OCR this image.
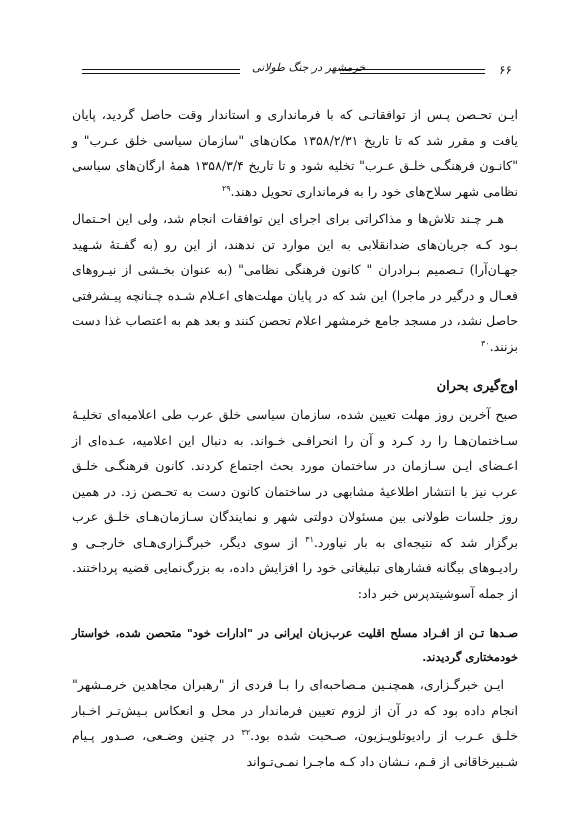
خرمشهر در جنگ طولانی	۶۶

ایـن تحـصن پـس از توافقاتـی که با فرمانداری و استاندار وقت حاصل گردید، پایان یافت و مقرر شد که تا تاریخ ۱۳۵۸/۲/۳۱ مکان‌های "سازمان سیاسی خلق عـرب" و "کانـون فرهنگـی خلـق عـرب" تخلیه شود و تا تاریخ ۱۳۵۸/۳/۴ همهٔ ارگان‌های سیاسی نظامی شهر سلاح‌های خود را به فرمانداری تحویل دهند.$^{۲۹}$

هـر چـند تلاش‌ها و مذاکراتی برای اجرای این توافقات انجام شد، ولی این احـتمال بـود کـه جریان‌های ضدانقلابی به این موارد تن ندهند، از این رو (به گفـتهٔ شـهید جهـان‌آرا) تـصمیم بـرادران " کانون فرهنگی نظامی" (به عنوان بخـشی از نیـروهای فعـال و درگیر در ماجرا) این شد که در پایان مهلت‌های اعـلام شـده چـنانچه پیـشرفتی حاصل نشد، در مسجد جامع خرمشهر اعلام تحصن کنند و بعد هم به اعتصاب غذا دست بزنند.$^{۳۰}$

اوج‌گیری بحران

صبح آخرین روز مهلت تعیین شده، سازمان سیاسی خلق عرب طی اعلامیه‌ای تخلیـهٔ سـاختمان‌هـا را رد کـرد و آن را انحرافـی خـواند. به دنبال این اعلامیه، عـده‌ای از اعـضای ایـن سـازمان در ساختمان مورد بحث اجتماع کردند. کانون فرهنگـی خلـق عرب نیز با انتشار اطلاعیهٔ مشابهی در ساختمان کانون دست به تحـصن زد. در همین روز جلسات طولانی بین مسئولان دولتی شهر و نمایندگان سـازمان‌هـای خلـق عرب برگزار شد که نتیجه‌ای به بار نیاورد.$^{۳۱}$ از سوی دیگر، خبرگـزاری‌هـای خارجـی و رادیـوهای بیگانه فشارهای تبلیغاتی خود را افزایش داده، به بزرگ‌نمایی قضیه پرداختند. از جمله آسوشیتدپرس خبر داد:

صـدها تـن از افـراد مسلح اقلیت عرب‌زبان ایرانی در "ادارات خود" متحصن شده، خواستار خودمختاری گردیدند.

ایـن خبرگـزاری، همچنـین مـصاحبه‌ای را بـا فردی از "رهبران مجاهدین خرمـشهر" انجام داده بود که در آن از لزوم تعیین فرماندار در محل و انعکاس بـیش‌تـر اخـبار خلـق عـرب از رادیوتلویـزیون، صـحبت شده بود.$^{۳۲}$ در چنین وضـعی، صـدور پـیام شـبیرخاقانی از قـم، نـشان داد کـه ماجـرا نمـی‌تـواند
